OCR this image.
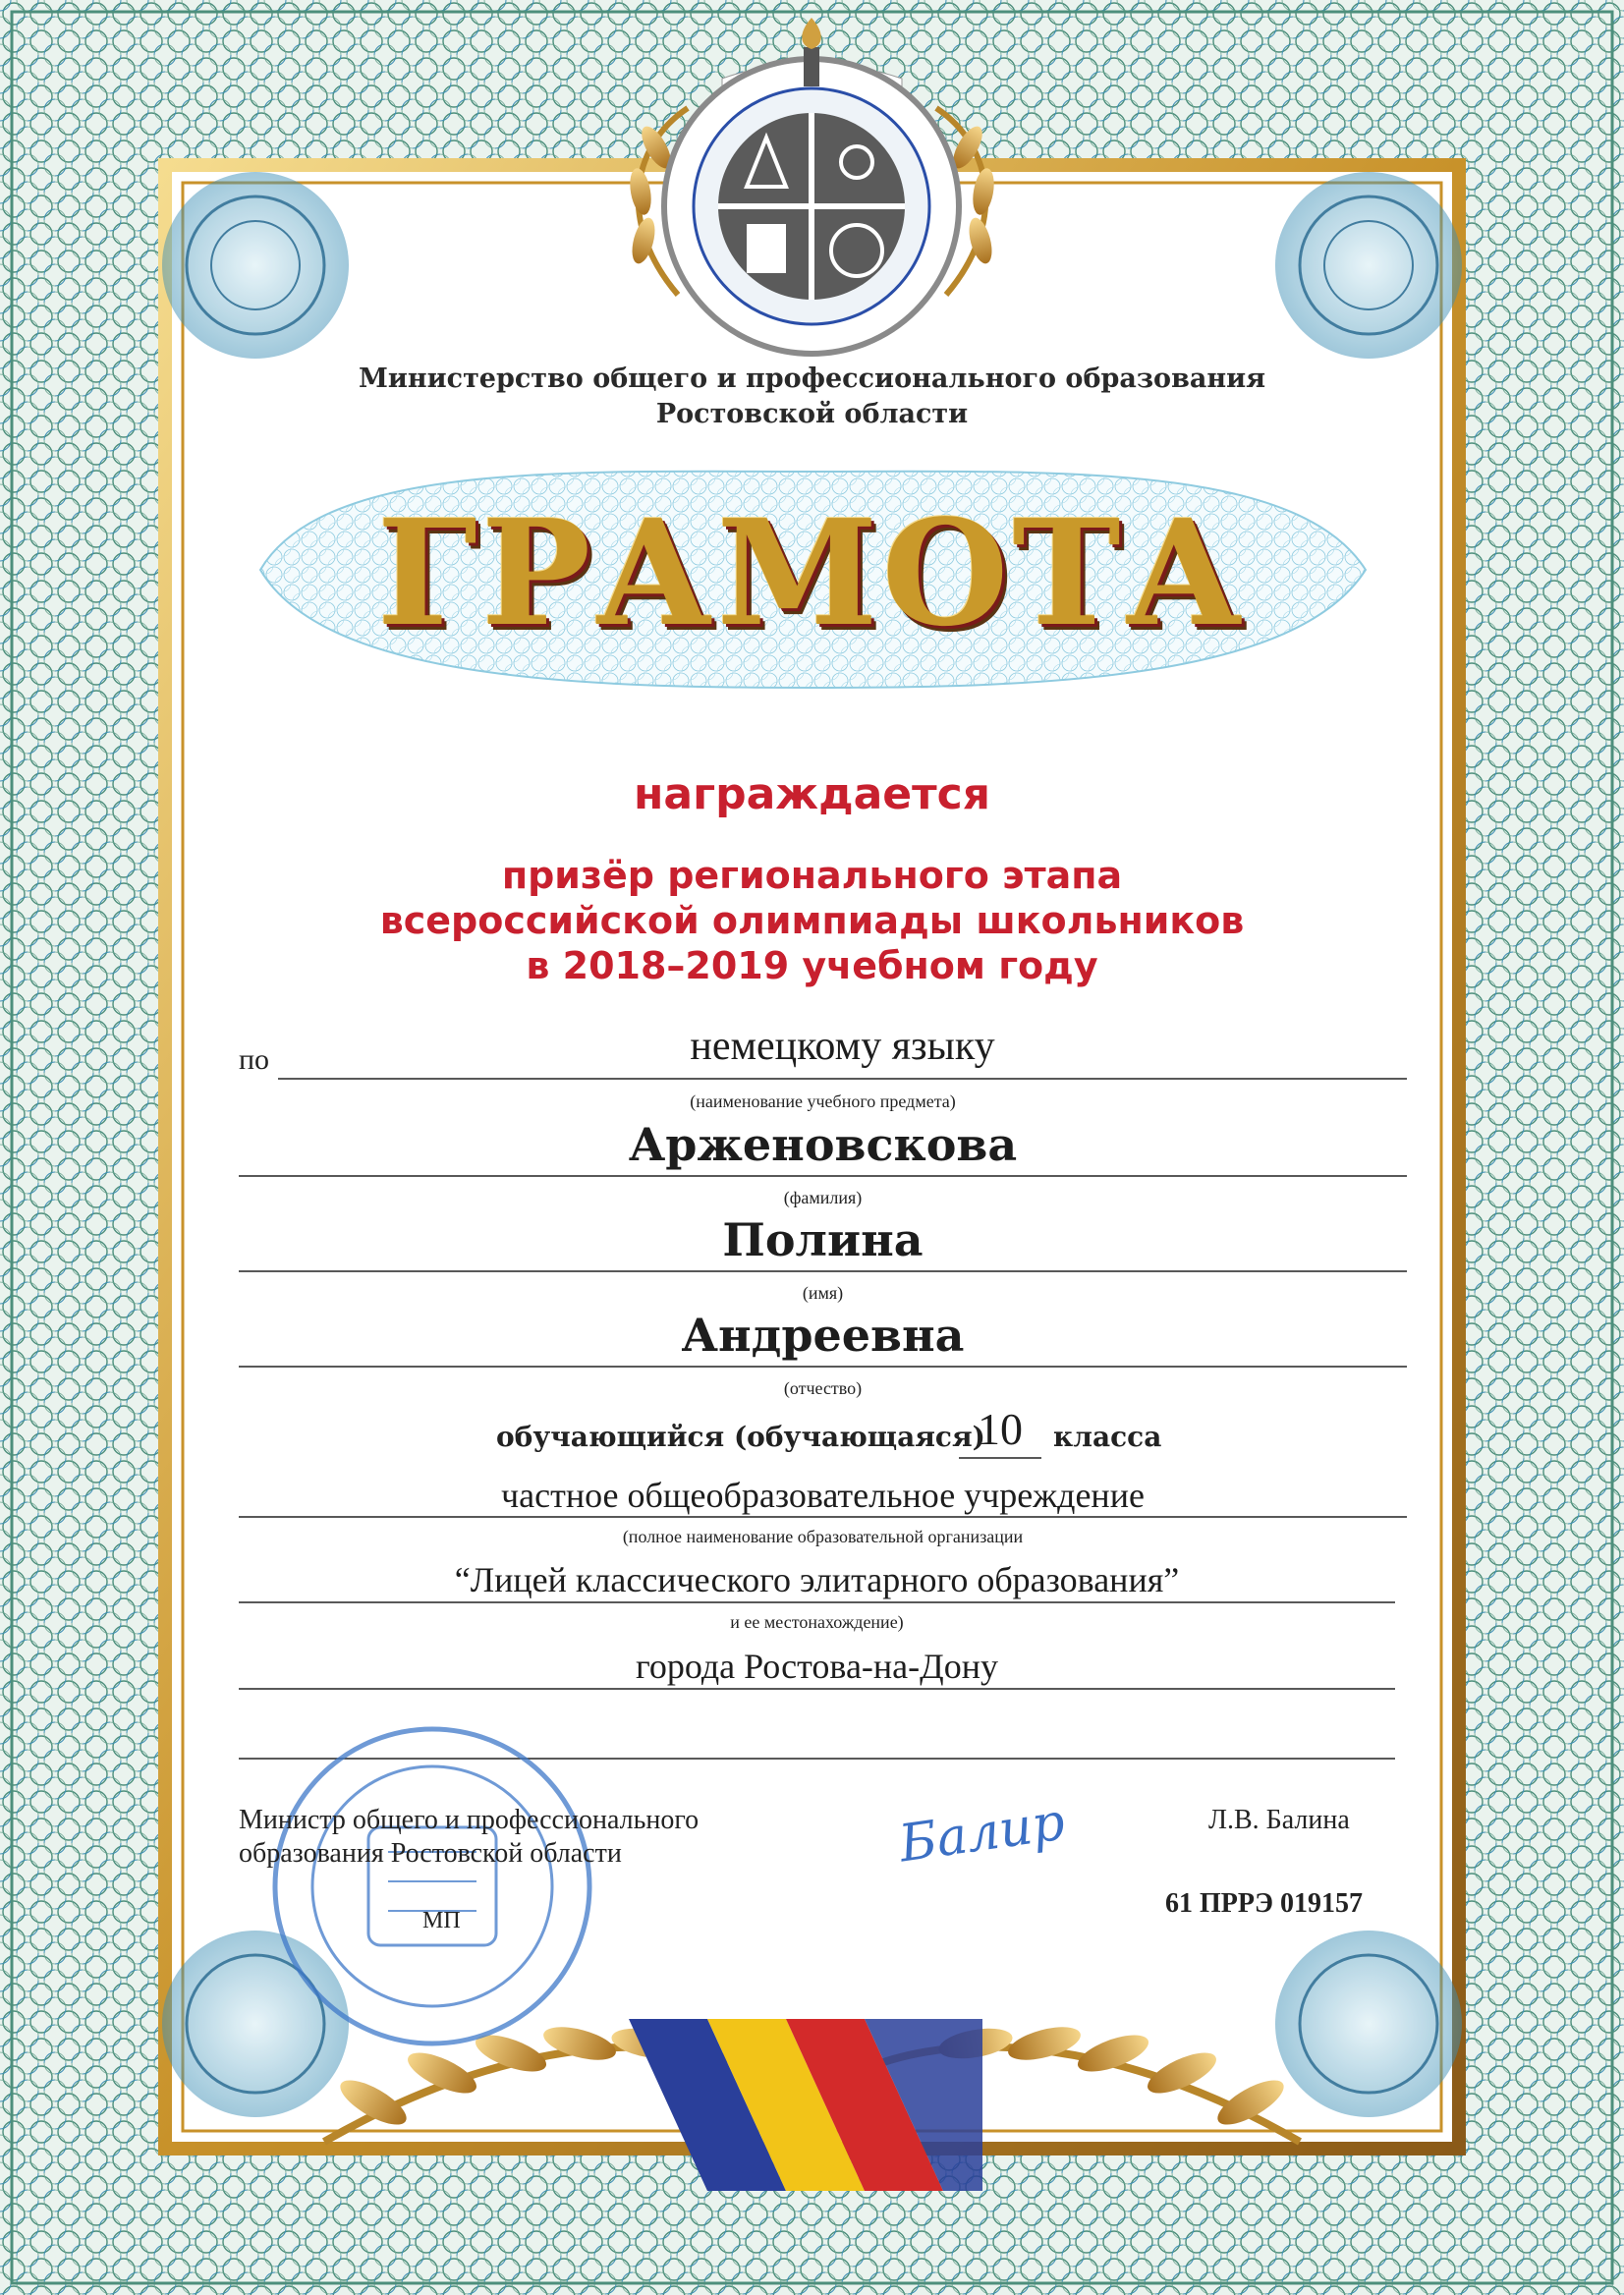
Министерство общего и профессионального образования
Ростовской области
ГРАМОТА
награждается
призёр регионального этапа
всероссийской олимпиады школьников
в 2018–2019 учебном году
по	немецкому языку
(наименование учебного предмета)
Арженовскова
(фамилия)
Полина
(имя)
Андреевна
(отчество)
обучающийся (обучающаяся)
10	класса
частное общеобразовательное учреждение
(полное наименование образовательной организации
“Лицей классического элитарного образования”
и ее местонахождение)
города Ростова-на-Дону
Министр общего и профессионального
образования Ростовской области
МП
Балир	Л.В. Балина
61 ПРРЭ 019157
